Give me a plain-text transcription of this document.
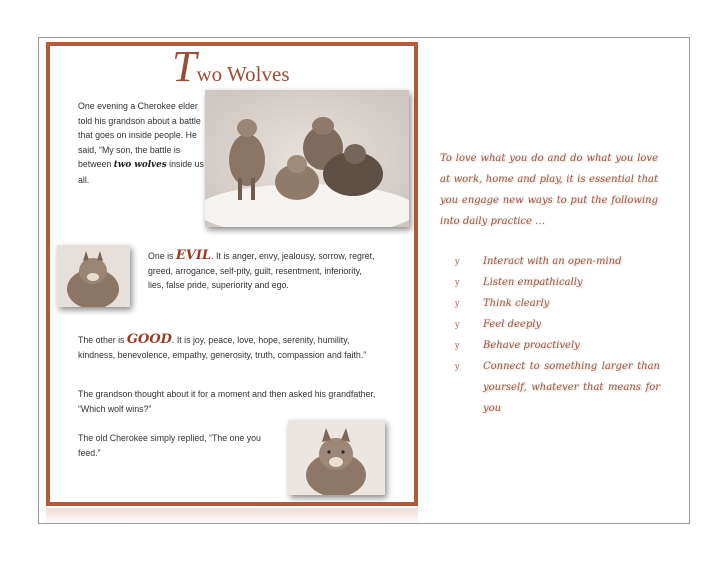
Two Wolves
One evening a Cherokee elder told his grandson about a battle that goes on inside people. He said, “My son, the battle is between two wolves inside us all.
One is EVIL. It is anger, envy, jealousy, sorrow, regret, greed, arrogance, self-pity, guilt, resentment, inferiority, lies, false pride, superiority and ego.
The other is GOOD. It is joy, peace, love, hope, serenity, humility, kindness, benevolence, empathy, generosity, truth, compassion and faith.”
The grandson thought about it for a moment and then asked his grandfather, “Which wolf wins?”
The old Cherokee simply replied, “The one you feed.”
To love what you do and do what you love at work, home and play, it is essential that you engage new ways to put the following into daily practice …
y Interact with an open-mind
y Listen empathically
y Think clearly
y Feel deeply
y Behave proactively
y Connect to something larger than yourself, whatever that means for you
